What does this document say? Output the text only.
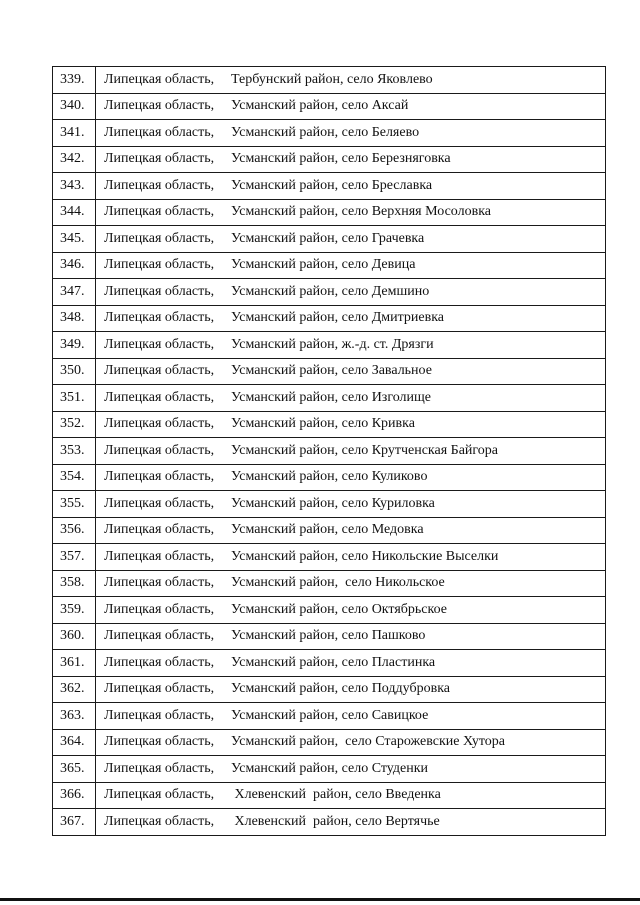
339.	Липецкая область, Тербунский район, село Яковлево
340.	Липецкая область, Усманский район, село Аксай
341.	Липецкая область, Усманский район, село Беляево
342.	Липецкая область, Усманский район, село Березняговка
343.	Липецкая область, Усманский район, село Бреславка
344.	Липецкая область, Усманский район, село Верхняя Мосоловка
345.	Липецкая область, Усманский район, село Грачевка
346.	Липецкая область, Усманский район, село Девица
347.	Липецкая область, Усманский район, село Демшино
348.	Липецкая область, Усманский район, село Дмитриевка
349.	Липецкая область, Усманский район, ж.-д. ст. Дрязги
350.	Липецкая область, Усманский район, село Завальное
351.	Липецкая область, Усманский район, село Изголище
352.	Липецкая область, Усманский район, село Кривка
353.	Липецкая область, Усманский район, село Крутченская Байгора
354.	Липецкая область, Усманский район, село Куликово
355.	Липецкая область, Усманский район, село Куриловка
356.	Липецкая область, Усманский район, село Медовка
357.	Липецкая область, Усманский район, село Никольские Выселки
358.	Липецкая область, Усманский район,  село Никольское
359.	Липецкая область, Усманский район, село Октябрьское
360.	Липецкая область, Усманский район, село Пашково
361.	Липецкая область, Усманский район, село Пластинка
362.	Липецкая область, Усманский район, село Поддубровка
363.	Липецкая область, Усманский район, село Савицкое
364.	Липецкая область, Усманский район,  село Старожевские Хутора
365.	Липецкая область, Усманский район, село Студенки
366.	Липецкая область, Хлевенский  район, село Введенка
367.	Липецкая область, Хлевенский  район, село Вертячье
